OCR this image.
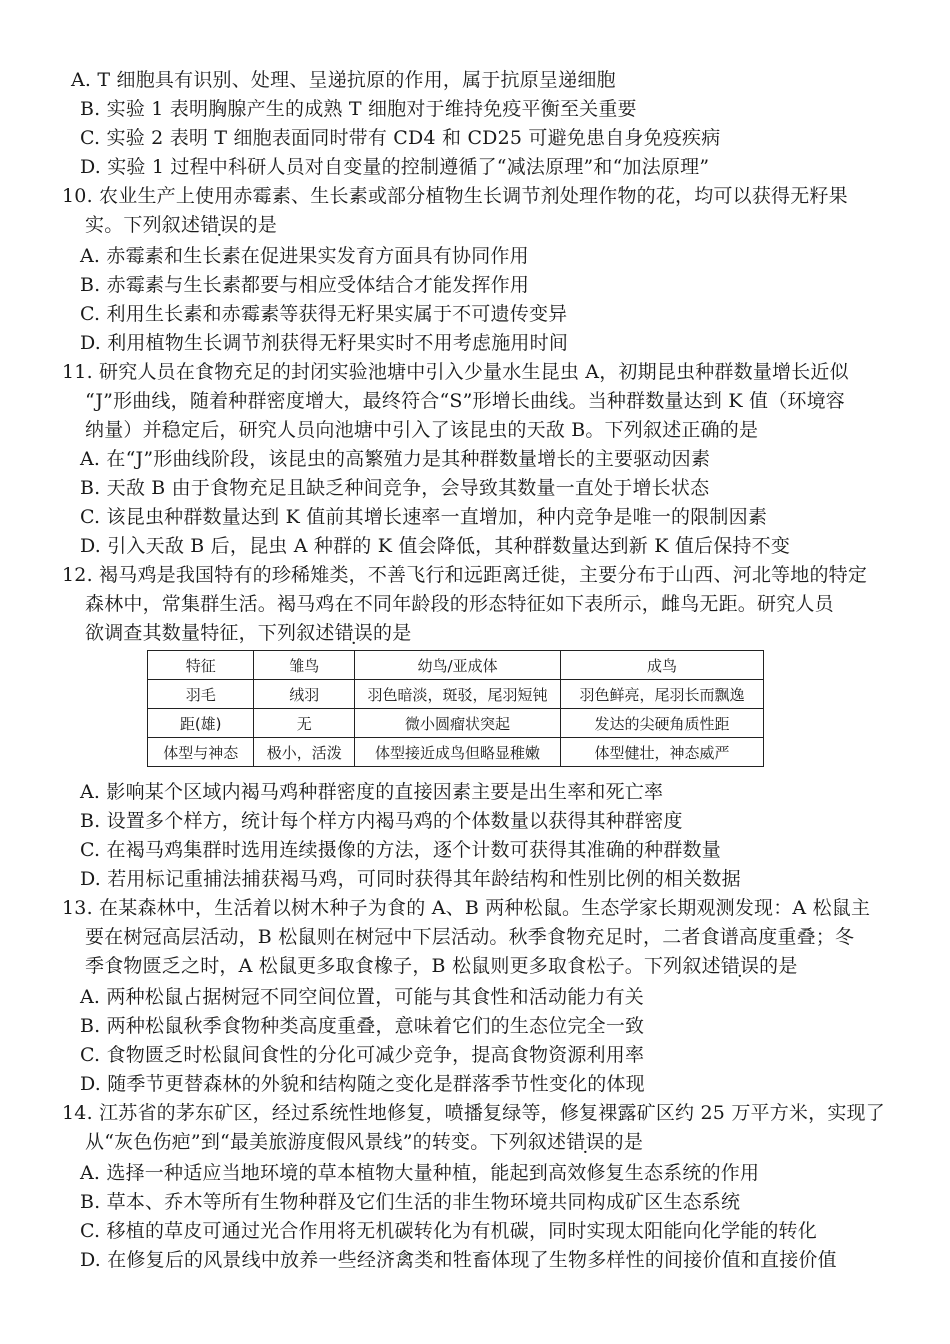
A. T 细胞具有识别、处理、呈递抗原的作用，属于抗原呈递细胞
B. 实验 1 表明胸腺产生的成熟 T 细胞对于维持免疫平衡至关重要
C. 实验 2 表明 T 细胞表面同时带有 CD4 和 CD25 可避免患自身免疫疾病
D. 实验 1 过程中科研人员对自变量的控制遵循了“减法原理”和“加法原理”
10. 农业生产上使用赤霉素、生长素或部分植物生长调节剂处理作物的花，均可以获得无籽果
实。下列叙述错误的是
A. 赤霉素和生长素在促进果实发育方面具有协同作用
B. 赤霉素与生长素都要与相应受体结合才能发挥作用
C. 利用生长素和赤霉素等获得无籽果实属于不可遗传变异
D. 利用植物生长调节剂获得无籽果实时不用考虑施用时间
11. 研究人员在食物充足的封闭实验池塘中引入少量水生昆虫 A，初期昆虫种群数量增长近似
“J”形曲线，随着种群密度增大，最终符合“S”形增长曲线。当种群数量达到 K 值（环境容
纳量）并稳定后，研究人员向池塘中引入了该昆虫的天敌 B。下列叙述正确的是
A. 在“J”形曲线阶段，该昆虫的高繁殖力是其种群数量增长的主要驱动因素
B. 天敌 B 由于食物充足且缺乏种间竞争，会导致其数量一直处于增长状态
C. 该昆虫种群数量达到 K 值前其增长速率一直增加，种内竞争是唯一的限制因素
D. 引入天敌 B 后，昆虫 A 种群的 K 值会降低，其种群数量达到新 K 值后保持不变
12. 褐马鸡是我国特有的珍稀雉类，不善飞行和远距离迁徙，主要分布于山西、河北等地的特定
森林中，常集群生活。褐马鸡在不同年龄段的形态特征如下表所示，雌鸟无距。研究人员
欲调查其数量特征，下列叙述错误的是
特征	雏鸟	幼鸟/亚成体	成鸟
羽毛	绒羽	羽色暗淡，斑驳，尾羽短钝	羽色鲜亮，尾羽长而飘逸
距(雄)	无	微小圆瘤状突起	发达的尖硬角质性距
体型与神态	极小，活泼	体型接近成鸟但略显稚嫩	体型健壮，神态威严
A. 影响某个区域内褐马鸡种群密度的直接因素主要是出生率和死亡率
B. 设置多个样方，统计每个样方内褐马鸡的个体数量以获得其种群密度
C. 在褐马鸡集群时选用连续摄像的方法，逐个计数可获得其准确的种群数量
D. 若用标记重捕法捕获褐马鸡，可同时获得其年龄结构和性别比例的相关数据
13. 在某森林中，生活着以树木种子为食的 A、B 两种松鼠。生态学家长期观测发现：A 松鼠主
要在树冠高层活动，B 松鼠则在树冠中下层活动。秋季食物充足时，二者食谱高度重叠；冬
季食物匮乏之时，A 松鼠更多取食橡子，B 松鼠则更多取食松子。下列叙述错误的是
A. 两种松鼠占据树冠不同空间位置，可能与其食性和活动能力有关
B. 两种松鼠秋季食物种类高度重叠，意味着它们的生态位完全一致
C. 食物匮乏时松鼠间食性的分化可减少竞争，提高食物资源利用率
D. 随季节更替森林的外貌和结构随之变化是群落季节性变化的体现
14. 江苏省的茅东矿区，经过系统性地修复，喷播复绿等，修复裸露矿区约 25 万平方米，实现了
从“灰色伤疤”到“最美旅游度假风景线”的转变。下列叙述错误的是
A. 选择一种适应当地环境的草本植物大量种植，能起到高效修复生态系统的作用
B. 草本、乔木等所有生物种群及它们生活的非生物环境共同构成矿区生态系统
C. 移植的草皮可通过光合作用将无机碳转化为有机碳，同时实现太阳能向化学能的转化
D. 在修复后的风景线中放养一些经济禽类和牲畜体现了生物多样性的间接价值和直接价值
